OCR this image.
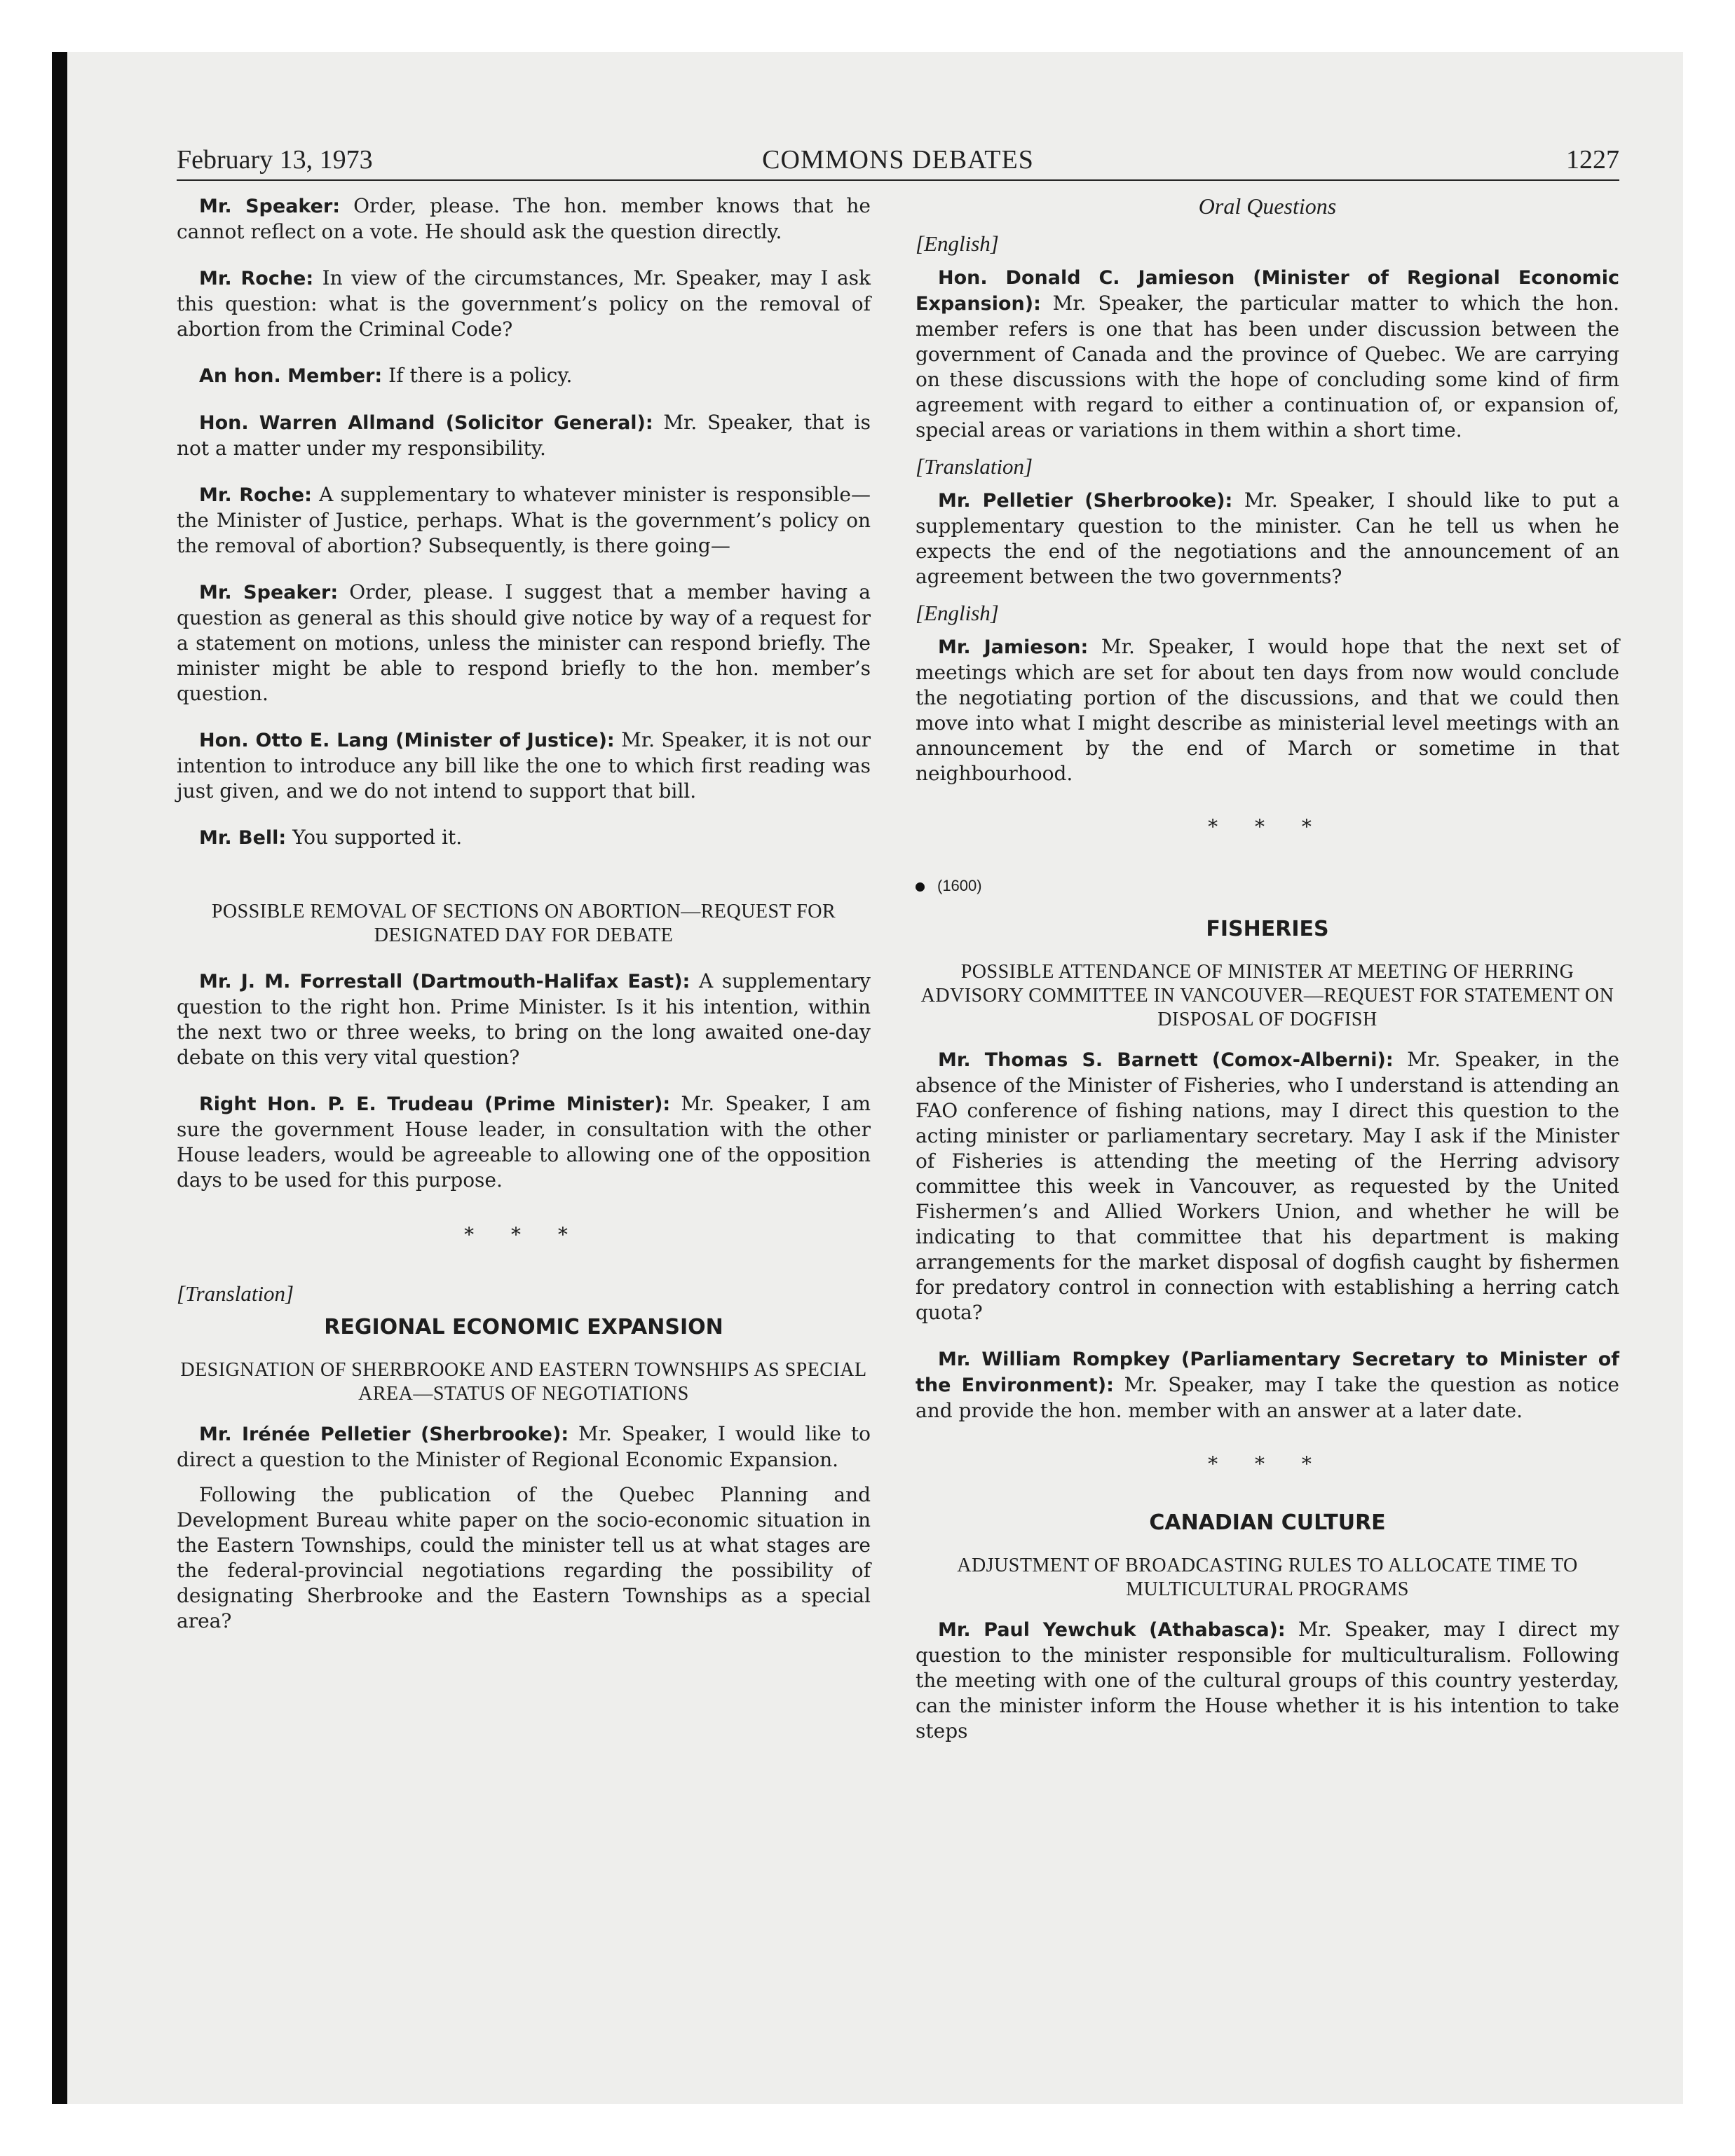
February 13, 1973	COMMONS DEBATES	1227

Mr. Speaker: Order, please. The hon. member knows that he cannot reflect on a vote. He should ask the question directly.

Mr. Roche: In view of the circumstances, Mr. Speaker, may I ask this question: what is the government’s policy on the removal of abortion from the Criminal Code?

An hon. Member: If there is a policy.

Hon. Warren Allmand (Solicitor General): Mr. Speaker, that is not a matter under my responsibility.

Mr. Roche: A supplementary to whatever minister is responsible—the Minister of Justice, perhaps. What is the government’s policy on the removal of abortion? Subsequently, is there going—

Mr. Speaker: Order, please. I suggest that a member having a question as general as this should give notice by way of a request for a statement on motions, unless the minister can respond briefly. The minister might be able to respond briefly to the hon. member’s question.

Hon. Otto E. Lang (Minister of Justice): Mr. Speaker, it is not our intention to introduce any bill like the one to which first reading was just given, and we do not intend to support that bill.

Mr. Bell: You supported it.

POSSIBLE REMOVAL OF SECTIONS ON ABORTION—REQUEST FOR DESIGNATED DAY FOR DEBATE

Mr. J. M. Forrestall (Dartmouth-Halifax East): A supplementary question to the right hon. Prime Minister. Is it his intention, within the next two or three weeks, to bring on the long awaited one-day debate on this very vital question?

Right Hon. P. E. Trudeau (Prime Minister): Mr. Speaker, I am sure the government House leader, in consultation with the other House leaders, would be agreeable to allowing one of the opposition days to be used for this purpose.

* * *
[Translation]
REGIONAL ECONOMIC EXPANSION
DESIGNATION OF SHERBROOKE AND EASTERN TOWNSHIPS AS SPECIAL AREA—STATUS OF NEGOTIATIONS

Mr. Irénée Pelletier (Sherbrooke): Mr. Speaker, I would like to direct a question to the Minister of Regional Economic Expansion.

Following the publication of the Quebec Planning and Development Bureau white paper on the socio-economic situation in the Eastern Townships, could the minister tell us at what stages are the federal-provincial negotiations regarding the possibility of designating Sherbrooke and the Eastern Townships as a special area?

Oral Questions
[English]

Hon. Donald C. Jamieson (Minister of Regional Economic Expansion): Mr. Speaker, the particular matter to which the hon. member refers is one that has been under discussion between the government of Canada and the province of Quebec. We are carrying on these discussions with the hope of concluding some kind of firm agreement with regard to either a continuation of, or expansion of, special areas or variations in them within a short time.

[Translation]

Mr. Pelletier (Sherbrooke): Mr. Speaker, I should like to put a supplementary question to the minister. Can he tell us when he expects the end of the negotiations and the announcement of an agreement between the two governments?

[English]

Mr. Jamieson: Mr. Speaker, I would hope that the next set of meetings which are set for about ten days from now would conclude the negotiating portion of the discussions, and that we could then move into what I might describe as ministerial level meetings with an announcement by the end of March or sometime in that neighbourhood.

* * *
(1600)
FISHERIES
POSSIBLE ATTENDANCE OF MINISTER AT MEETING OF HERRING ADVISORY COMMITTEE IN VANCOUVER—REQUEST FOR STATEMENT ON DISPOSAL OF DOGFISH

Mr. Thomas S. Barnett (Comox-Alberni): Mr. Speaker, in the absence of the Minister of Fisheries, who I understand is attending an FAO conference of fishing nations, may I direct this question to the acting minister or parliamentary secretary. May I ask if the Minister of Fisheries is attending the meeting of the Herring advisory committee this week in Vancouver, as requested by the United Fishermen’s and Allied Workers Union, and whether he will be indicating to that committee that his department is making arrangements for the market disposal of dogfish caught by fishermen for predatory control in connection with establishing a herring catch quota?

Mr. William Rompkey (Parliamentary Secretary to Minister of the Environment): Mr. Speaker, may I take the question as notice and provide the hon. member with an answer at a later date.

* * *
CANADIAN CULTURE
ADJUSTMENT OF BROADCASTING RULES TO ALLOCATE TIME TO MULTICULTURAL PROGRAMS

Mr. Paul Yewchuk (Athabasca): Mr. Speaker, may I direct my question to the minister responsible for multiculturalism. Following the meeting with one of the cultural groups of this country yesterday, can the minister inform the House whether it is his intention to take steps
